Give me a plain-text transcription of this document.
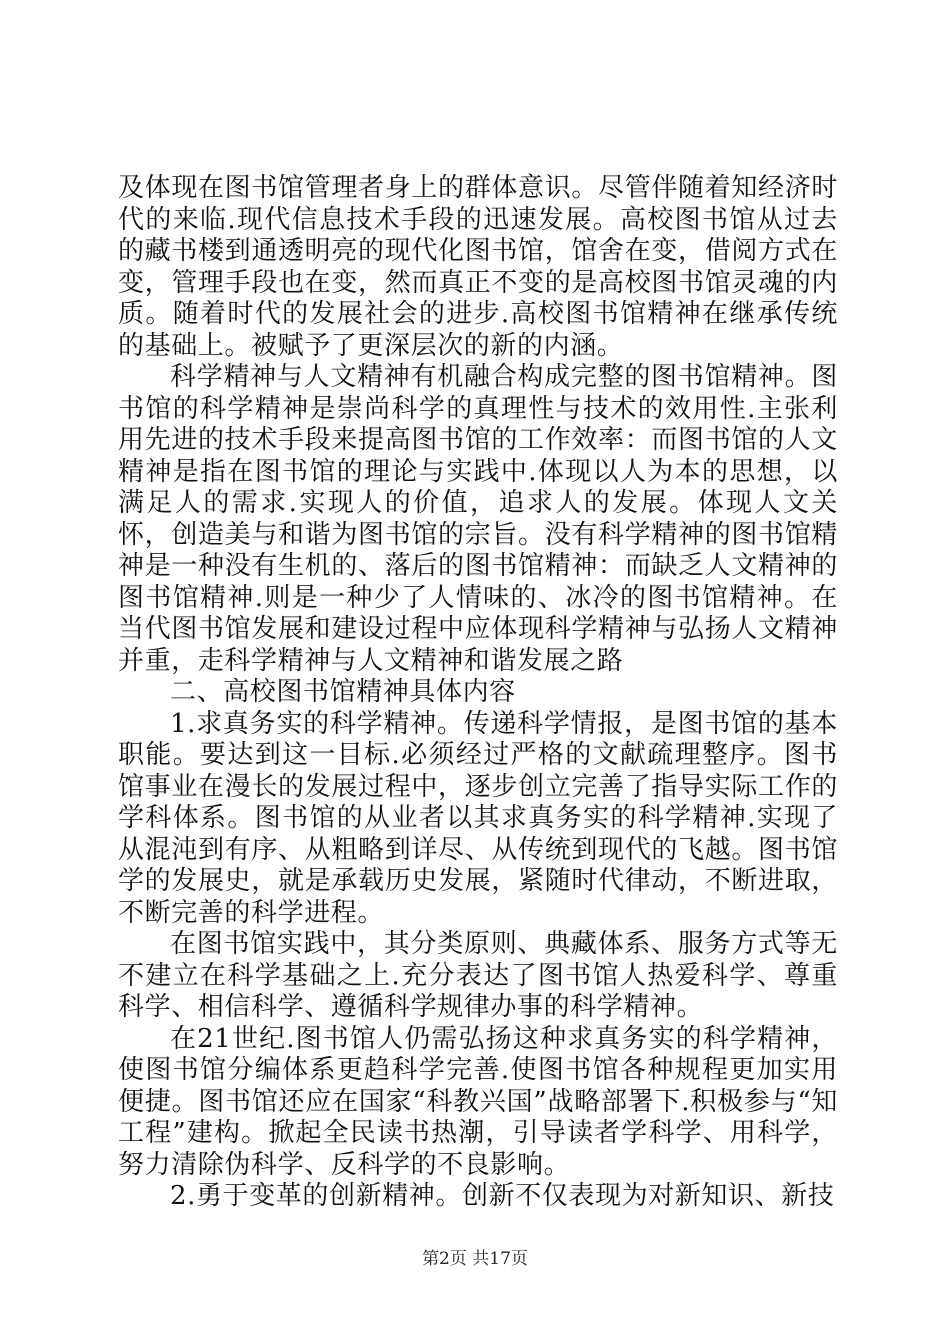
及体现在图书馆管理者身上的群体意识。尽管伴随着知经济时代的来临.现代信息技术手段的迅速发展。高校图书馆从过去的藏书楼到通透明亮的现代化图书馆，馆舍在变，借阅方式在变，管理手段也在变，然而真正不变的是高校图书馆灵魂的内质。随着时代的发展社会的进步.高校图书馆精神在继承传统的基础上。被赋予了更深层次的新的内涵。

科学精神与人文精神有机融合构成完整的图书馆精神。图书馆的科学精神是崇尚科学的真理性与技术的效用性.主张利用先进的技术手段来提高图书馆的工作效率：而图书馆的人文精神是指在图书馆的理论与实践中.体现以人为本的思想，以满足人的需求.实现人的价值，追求人的发展。体现人文关怀，创造美与和谐为图书馆的宗旨。没有科学精神的图书馆精神是一种没有生机的、落后的图书馆精神：而缺乏人文精神的图书馆精神.则是一种少了人情味的、冰冷的图书馆精神。在当代图书馆发展和建设过程中应体现科学精神与弘扬人文精神并重，走科学精神与人文精神和谐发展之路

二、高校图书馆精神具体内容

1.求真务实的科学精神。传递科学情报，是图书馆的基本职能。要达到这一目标.必须经过严格的文献疏理整序。图书馆事业在漫长的发展过程中，逐步创立完善了指导实际工作的学科体系。图书馆的从业者以其求真务实的科学精神.实现了从混沌到有序、从粗略到详尽、从传统到现代的飞越。图书馆学的发展史，就是承载历史发展，紧随时代律动，不断进取，不断完善的科学进程。

在图书馆实践中，其分类原则、典藏体系、服务方式等无不建立在科学基础之上.充分表达了图书馆人热爱科学、尊重科学、相信科学、遵循科学规律办事的科学精神。

在21世纪.图书馆人仍需弘扬这种求真务实的科学精神，使图书馆分编体系更趋科学完善.使图书馆各种规程更加实用便捷。图书馆还应在国家“科教兴国”战略部署下.积极参与“知工程”建构。掀起全民读书热潮，引导读者学科学、用科学，努力清除伪科学、反科学的不良影响。

2.勇于变革的创新精神。创新不仅表现为对新知识、新技

第2页 共17页
